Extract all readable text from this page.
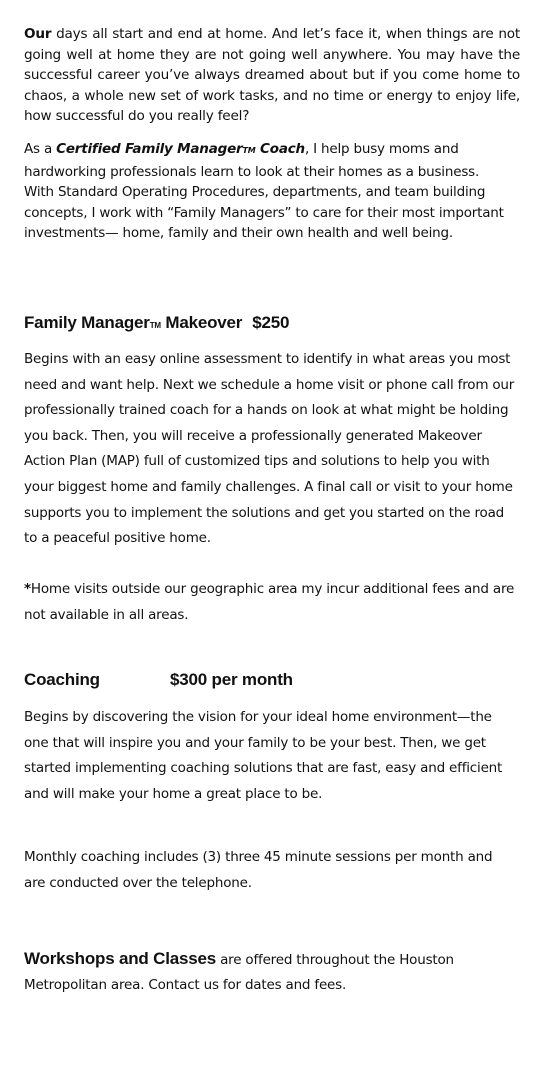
Our days all start and end at home. And let’s face it, when things are not going well at home they are not going well anywhere. You may have the successful career you’ve always dreamed about but if you come home to chaos, a whole new set of work tasks, and no time or energy to enjoy life, how successful do you really feel?

As a Certified Family ManagerTM Coach, I help busy moms and hardworking professionals learn to look at their homes as a business. With Standard Operating Procedures, departments, and team building concepts, I work with “Family Managers” to care for their most important investments— home, family and their own health and well being.

Family ManagerTM Makeover $250

Begins with an easy online assessment to identify in what areas you most need and want help. Next we schedule a home visit or phone call from our professionally trained coach for a hands on look at what might be holding you back. Then, you will receive a professionally generated Makeover Action Plan (MAP) full of customized tips and solutions to help you with your biggest home and family challenges. A final call or visit to your home supports you to implement the solutions and get you started on the road to a peaceful positive home.

*Home visits outside our geographic area my incur additional fees and are not available in all areas.

Coaching	$300 per month

Begins by discovering the vision for your ideal home environment—the one that will inspire you and your family to be your best. Then, we get started implementing coaching solutions that are fast, easy and efficient and will make your home a great place to be.

Monthly coaching includes (3) three 45 minute sessions per month and are conducted over the telephone.

Workshops and Classes are offered throughout the Houston Metropolitan area. Contact us for dates and fees.
